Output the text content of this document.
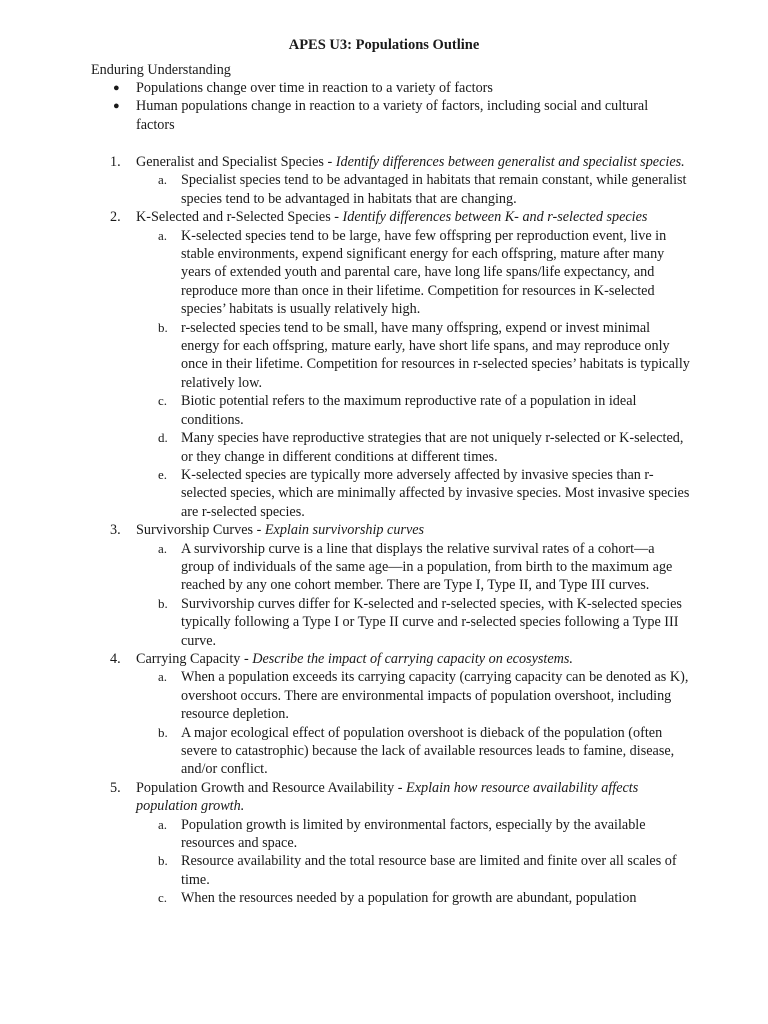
APES U3: Populations Outline
Enduring Understanding
● Populations change over time in reaction to a variety of factors
● Human populations change in reaction to a variety of factors, including social and cultural factors
1. Generalist and Specialist Species - Identify differences between generalist and specialist species.
a. Specialist species tend to be advantaged in habitats that remain constant, while generalist species tend to be advantaged in habitats that are changing.
2. K-Selected and r-Selected Species - Identify differences between K- and r-selected species
a. K-selected species tend to be large, have few offspring per reproduction event, live in stable environments, expend significant energy for each offspring, mature after many years of extended youth and parental care, have long life spans/life expectancy, and reproduce more than once in their lifetime. Competition for resources in K-selected species’ habitats is usually relatively high.
b. r-selected species tend to be small, have many offspring, expend or invest minimal energy for each offspring, mature early, have short life spans, and may reproduce only once in their lifetime. Competition for resources in r-selected species’ habitats is typically relatively low.
c. Biotic potential refers to the maximum reproductive rate of a population in ideal conditions.
d. Many species have reproductive strategies that are not uniquely r-selected or K-selected, or they change in different conditions at different times.
e. K-selected species are typically more adversely affected by invasive species than r-selected species, which are minimally affected by invasive species. Most invasive species are r-selected species.
3. Survivorship Curves - Explain survivorship curves
a. A survivorship curve is a line that displays the relative survival rates of a cohort—a group of individuals of the same age—in a population, from birth to the maximum age reached by any one cohort member. There are Type I, Type II, and Type III curves.
b. Survivorship curves differ for K-selected and r-selected species, with K-selected species typically following a Type I or Type II curve and r-selected species following a Type III curve.
4. Carrying Capacity - Describe the impact of carrying capacity on ecosystems.
a. When a population exceeds its carrying capacity (carrying capacity can be denoted as K), overshoot occurs. There are environmental impacts of population overshoot, including resource depletion.
b. A major ecological effect of population overshoot is dieback of the population (often severe to catastrophic) because the lack of available resources leads to famine, disease, and/or conflict.
5. Population Growth and Resource Availability - Explain how resource availability affects population growth.
a. Population growth is limited by environmental factors, especially by the available resources and space.
b. Resource availability and the total resource base are limited and finite over all scales of time.
c. When the resources needed by a population for growth are abundant, population
